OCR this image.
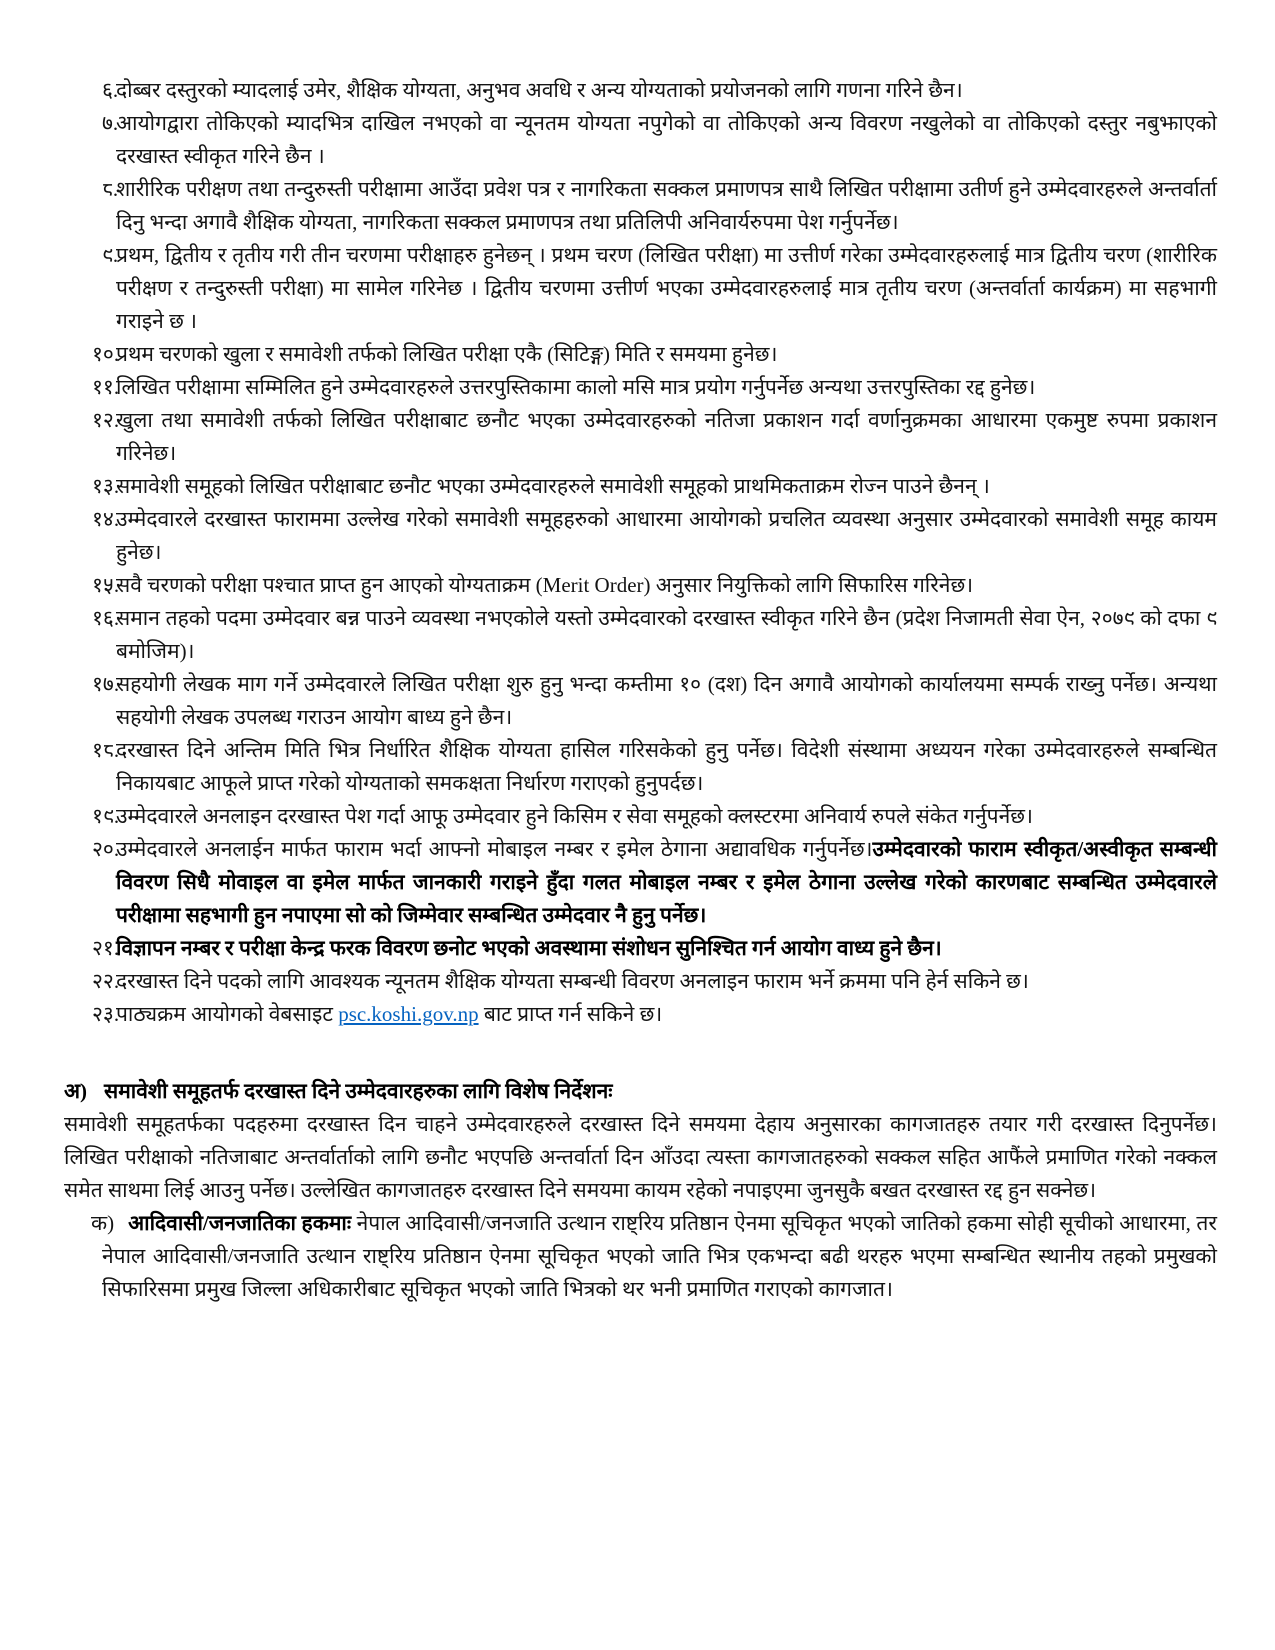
६.
दोब्बर दस्तुरको म्यादलाई उमेर, शैक्षिक योग्यता, अनुभव अवधि र अन्य योग्यताको प्रयोजनको लागि गणना गरिने छैन।
७.
आयोगद्वारा तोकिएको म्यादभित्र दाखिल नभएको वा न्यूनतम योग्यता नपुगेको वा तोकिएको अन्य विवरण नखुलेको वा तोकिएको दस्तुर नबुझाएको दरखास्त स्वीकृत गरिने छैन ।
८.
शारीरिक परीक्षण तथा तन्दुरुस्ती परीक्षामा आउँदा प्रवेश पत्र र नागरिकता सक्कल प्रमाणपत्र साथै लिखित परीक्षामा उतीर्ण हुने उम्मेदवारहरुले अन्तर्वार्ता दिनु भन्दा अगावै शैक्षिक योग्यता, नागरिकता सक्कल प्रमाणपत्र तथा प्रतिलिपी अनिवार्यरुपमा पेश गर्नुपर्नेछ।
९.
प्रथम, द्वितीय र तृतीय गरी तीन चरणमा परीक्षाहरु हुनेछन् । प्रथम चरण (लिखित परीक्षा) मा उत्तीर्ण गरेका उम्मेदवारहरुलाई मात्र द्वितीय चरण (शारीरिक परीक्षण र तन्दुरुस्ती परीक्षा) मा सामेल गरिनेछ । द्वितीय चरणमा उत्तीर्ण भएका उम्मेदवारहरुलाई मात्र तृतीय चरण (अन्तर्वार्ता कार्यक्रम) मा सहभागी गराइने छ ।
१०.
प्रथम चरणको खुला र समावेशी तर्फको लिखित परीक्षा एकै (सिटिङ्ग) मिति र समयमा हुनेछ।
११.
लिखित परीक्षामा सम्मिलित हुने उम्मेदवारहरुले उत्तरपुस्तिकामा कालो मसि मात्र प्रयोग गर्नुपर्नेछ अन्यथा उत्तरपुस्तिका रद्द हुनेछ।
१२.
खुला तथा समावेशी तर्फको लिखित परीक्षाबाट छनौट भएका उम्मेदवारहरुको नतिजा प्रकाशन गर्दा वर्णानुक्रमका आधारमा एकमुष्ट रुपमा प्रकाशन गरिनेछ।
१३.
समावेशी समूहको लिखित परीक्षाबाट छनौट भएका उम्मेदवारहरुले समावेशी समूहको प्राथमिकताक्रम रोज्न पाउने छैनन् ।
१४.
उम्मेदवारले दरखास्त फाराममा उल्लेख गरेको समावेशी समूहहरुको आधारमा आयोगको प्रचलित व्यवस्था अनुसार उम्मेदवारको समावेशी समूह कायम हुनेछ।
१५.
सवै चरणको परीक्षा पश्चात प्राप्त हुन आएको योग्यताक्रम (Merit Order) अनुसार नियुक्तिको लागि सिफारिस गरिनेछ।
१६.
समान तहको पदमा उम्मेदवार बन्न पाउने व्यवस्था नभएकोले यस्तो उम्मेदवारको दरखास्त स्वीकृत गरिने छैन (प्रदेश निजामती सेवा ऐन, २०७९ को दफा ९ बमोजिम)।
१७.
सहयोगी लेखक माग गर्ने उम्मेदवारले लिखित परीक्षा शुरु हुनु भन्दा कम्तीमा १० (दश) दिन अगावै आयोगको कार्यालयमा सम्पर्क राख्नु पर्नेछ। अन्यथा सहयोगी लेखक उपलब्ध गराउन आयोग बाध्य हुने छैन।
१८.
दरखास्त दिने अन्तिम मिति भित्र निर्धारित शैक्षिक योग्यता हासिल गरिसकेको हुनु पर्नेछ। विदेशी संस्थामा अध्ययन गरेका उम्मेदवारहरुले सम्बन्धित निकायबाट आफूले प्राप्त गरेको योग्यताको समकक्षता निर्धारण गराएको हुनुपर्दछ।
१९.
उम्मेदवारले अनलाइन दरखास्त पेश गर्दा आफू उम्मेदवार हुने किसिम र सेवा समूहको क्लस्टरमा अनिवार्य रुपले संकेत गर्नुपर्नेछ।
२०.
उम्मेदवारले अनलाईन मार्फत फाराम भर्दा आफ्नो मोबाइल नम्बर र इमेल ठेगाना अद्यावधिक गर्नुपर्नेछ।उम्मेदवारको फाराम स्वीकृत/अस्वीकृत सम्बन्धी विवरण सिधै मोवाइल वा इमेल मार्फत जानकारी गराइने हुँदा गलत मोबाइल नम्बर र इमेल ठेगाना उल्लेख गरेको कारणबाट सम्बन्धित उम्मेदवारले परीक्षामा सहभागी हुन नपाएमा सो को जिम्मेवार सम्बन्धित उम्मेदवार नै हुनु पर्नेछ।
२१.
विज्ञापन नम्बर र परीक्षा केन्द्र फरक विवरण छनोट भएको अवस्थामा संशोधन सुनिश्चित गर्न आयोग वाध्य हुने छैन।
२२.
दरखास्त दिने पदको लागि आवश्यक न्यूनतम शैक्षिक योग्यता सम्बन्धी विवरण अनलाइन फाराम भर्ने क्रममा पनि हेर्न सकिने छ।
२३.
पाठ्यक्रम आयोगको वेबसाइट psc.koshi.gov.np बाट प्राप्त गर्न सकिने छ।
अ) समावेशी समूहतर्फ दरखास्त दिने उम्मेदवारहरुका लागि विशेष निर्देशनः

समावेशी समूहतर्फका पदहरुमा दरखास्त दिन चाहने उम्मेदवारहरुले दरखास्त दिने समयमा देहाय अनुसारका कागजातहरु तयार गरी दरखास्त दिनुपर्नेछ। लिखित परीक्षाको नतिजाबाट अन्तर्वार्ताको लागि छनौट भएपछि अन्तर्वार्ता दिन आँउदा त्यस्ता कागजातहरुको सक्कल सहित आफैंले प्रमाणित गरेको नक्कल समेत साथमा लिई आउनु पर्नेछ। उल्लेखित कागजातहरु दरखास्त दिने समयमा कायम रहेको नपाइएमा जुनसुकै बखत दरखास्त रद्द हुन सक्नेछ।

क) आदिवासी/जनजातिका हकमाः नेपाल आदिवासी/जनजाति उत्थान राष्ट्रिय प्रतिष्ठान ऐनमा सूचिकृत भएको जातिको हकमा सोही सूचीको आधारमा, तर नेपाल आदिवासी/जनजाति उत्थान राष्ट्रिय प्रतिष्ठान ऐनमा सूचिकृत भएको जाति भित्र एकभन्दा बढी थरहरु भएमा सम्बन्धित स्थानीय तहको प्रमुखको सिफारिसमा प्रमुख जिल्ला अधिकारीबाट सूचिकृत भएको जाति भित्रको थर भनी प्रमाणित गराएको कागजात।
